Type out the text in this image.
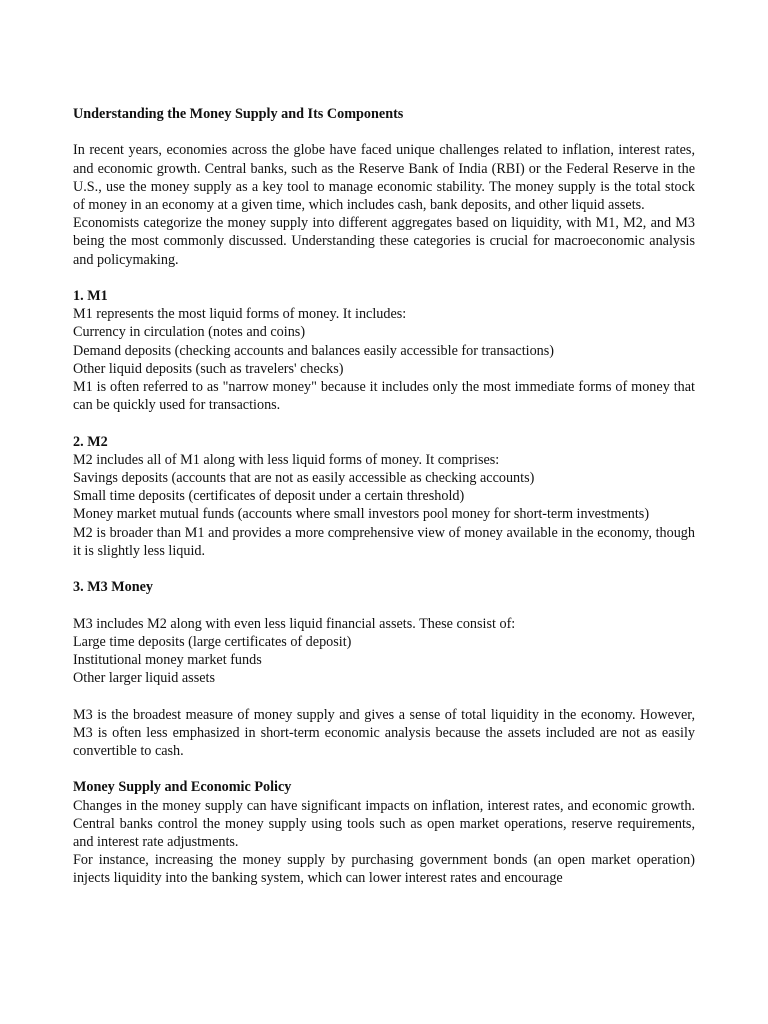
Understanding the Money Supply and Its Components

In recent years, economies across the globe have faced unique challenges related to inflation, interest rates, and economic growth. Central banks, such as the Reserve Bank of India (RBI) or the Federal Reserve in the U.S., use the money supply as a key tool to manage economic stability. The money supply is the total stock of money in an economy at a given time, which includes cash, bank deposits, and other liquid assets.

Economists categorize the money supply into different aggregates based on liquidity, with M1, M2, and M3 being the most commonly discussed. Understanding these categories is crucial for macroeconomic analysis and policymaking.

1. M1

M1 represents the most liquid forms of money. It includes:

Currency in circulation (notes and coins)

Demand deposits (checking accounts and balances easily accessible for transactions)

Other liquid deposits (such as travelers' checks)

M1 is often referred to as "narrow money" because it includes only the most immediate forms of money that can be quickly used for transactions.

2. M2

M2 includes all of M1 along with less liquid forms of money. It comprises:

Savings deposits (accounts that are not as easily accessible as checking accounts)

Small time deposits (certificates of deposit under a certain threshold)

Money market mutual funds (accounts where small investors pool money for short-term investments)

M2 is broader than M1 and provides a more comprehensive view of money available in the economy, though it is slightly less liquid.

3. M3 Money

M3 includes M2 along with even less liquid financial assets. These consist of:

Large time deposits (large certificates of deposit)

Institutional money market funds

Other larger liquid assets

M3 is the broadest measure of money supply and gives a sense of total liquidity in the economy. However, M3 is often less emphasized in short-term economic analysis because the assets included are not as easily convertible to cash.

Money Supply and Economic Policy

Changes in the money supply can have significant impacts on inflation, interest rates, and economic growth. Central banks control the money supply using tools such as open market operations, reserve requirements, and interest rate adjustments.

For instance, increasing the money supply by purchasing government bonds (an open market operation) injects liquidity into the banking system, which can lower interest rates and encourage
